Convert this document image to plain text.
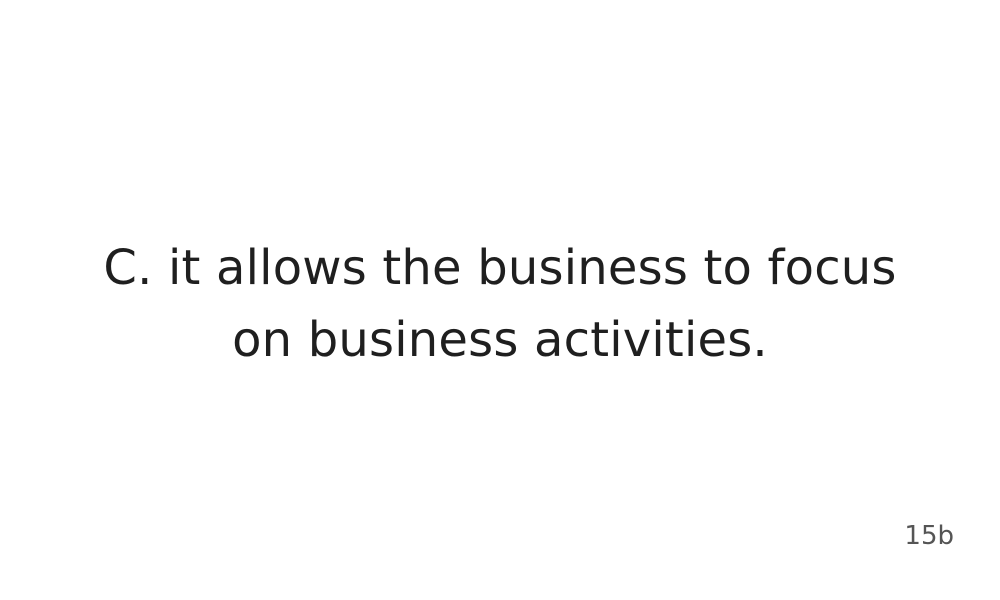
C. it allows the business to focus
on business activities.
15b
